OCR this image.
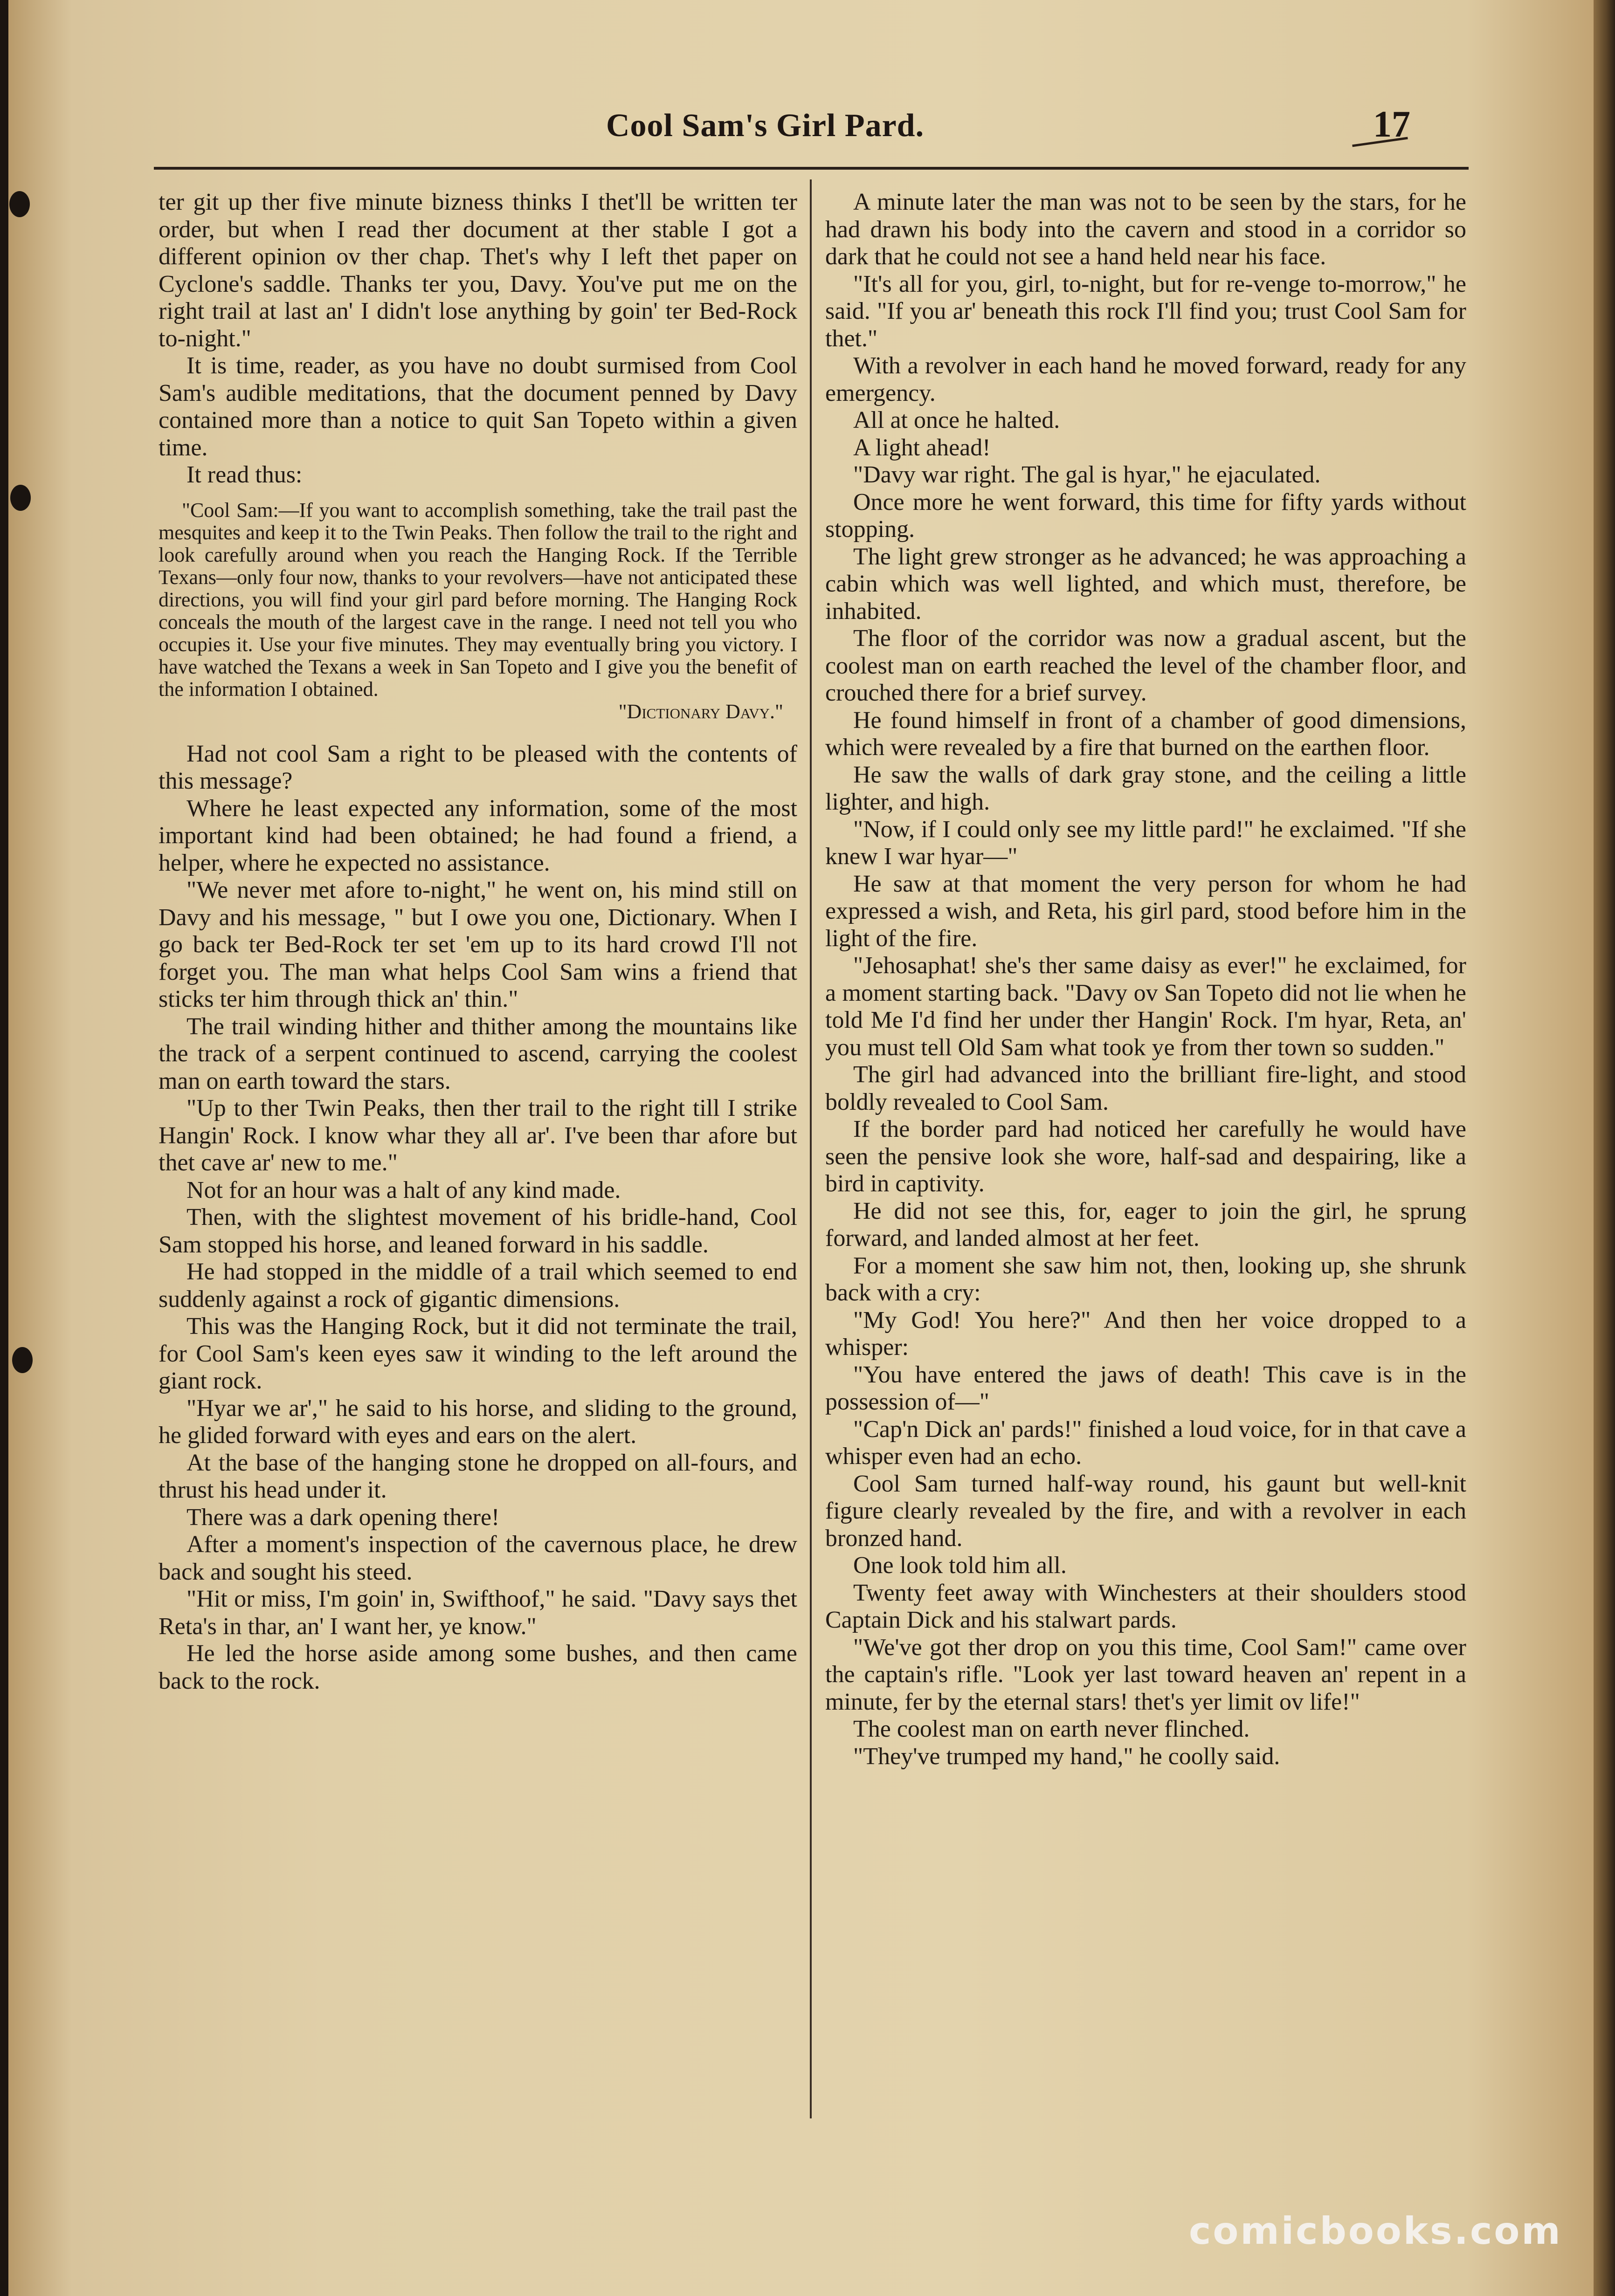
Cool Sam's Girl Pard.	17

ter git up ther five minute bizness thinks I thet'll be written ter order, but when I read ther document at ther stable I got a different opinion ov ther chap. Thet's why I left thet paper on Cyclone's saddle. Thanks ter you, Davy. You've put me on the right trail at last an' I didn't lose anything by goin' ter Bed-Rock to-night."

It is time, reader, as you have no doubt surmised from Cool Sam's audible meditations, that the document penned by Davy contained more than a notice to quit San Topeto within a given time.

It read thus:

"Cool Sam:—If you want to accomplish something, take the trail past the mesquites and keep it to the Twin Peaks. Then follow the trail to the right and look carefully around when you reach the Hanging Rock. If the Terrible Texans—only four now, thanks to your revolvers—have not anticipated these directions, you will find your girl pard before morning. The Hanging Rock conceals the mouth of the largest cave in the range. I need not tell you who occupies it. Use your five minutes. They may eventually bring you victory. I have watched the Texans a week in San Topeto and I give you the benefit of the information I obtained.

"Dictionary Davy."

Had not cool Sam a right to be pleased with the contents of this message?

Where he least expected any information, some of the most important kind had been obtained; he had found a friend, a helper, where he expected no assistance.

"We never met afore to-night," he went on, his mind still on Davy and his message, " but I owe you one, Dictionary. When I go back ter Bed-Rock ter set 'em up to its hard crowd I'll not forget you. The man what helps Cool Sam wins a friend that sticks ter him through thick an' thin."

The trail winding hither and thither among the mountains like the track of a serpent continued to ascend, carrying the coolest man on earth toward the stars.

"Up to ther Twin Peaks, then ther trail to the right till I strike Hangin' Rock. I know whar they all ar'. I've been thar afore but thet cave ar' new to me."

Not for an hour was a halt of any kind made.

Then, with the slightest movement of his bridle-hand, Cool Sam stopped his horse, and leaned forward in his saddle.

He had stopped in the middle of a trail which seemed to end suddenly against a rock of gigantic dimensions.

This was the Hanging Rock, but it did not terminate the trail, for Cool Sam's keen eyes saw it winding to the left around the giant rock.

"Hyar we ar'," he said to his horse, and sliding to the ground, he glided forward with eyes and ears on the alert.

At the base of the hanging stone he dropped on all-fours, and thrust his head under it.

There was a dark opening there!

After a moment's inspection of the cavernous place, he drew back and sought his steed.

"Hit or miss, I'm goin' in, Swifthoof," he said. "Davy says thet Reta's in thar, an' I want her, ye know."

He led the horse aside among some bushes, and then came back to the rock.

A minute later the man was not to be seen by the stars, for he had drawn his body into the cavern and stood in a corridor so dark that he could not see a hand held near his face.

"It's all for you, girl, to-night, but for re-venge to-morrow," he said. "If you ar' beneath this rock I'll find you; trust Cool Sam for thet."

With a revolver in each hand he moved forward, ready for any emergency.

All at once he halted.

A light ahead!

"Davy war right. The gal is hyar," he ejaculated.

Once more he went forward, this time for fifty yards without stopping.

The light grew stronger as he advanced; he was approaching a cabin which was well lighted, and which must, therefore, be inhabited.

The floor of the corridor was now a gradual ascent, but the coolest man on earth reached the level of the chamber floor, and crouched there for a brief survey.

He found himself in front of a chamber of good dimensions, which were revealed by a fire that burned on the earthen floor.

He saw the walls of dark gray stone, and the ceiling a little lighter, and high.

"Now, if I could only see my little pard!" he exclaimed. "If she knew I war hyar—"

He saw at that moment the very person for whom he had expressed a wish, and Reta, his girl pard, stood before him in the light of the fire.

"Jehosaphat! she's ther same daisy as ever!" he exclaimed, for a moment starting back. "Davy ov San Topeto did not lie when he told Me I'd find her under ther Hangin' Rock. I'm hyar, Reta, an' you must tell Old Sam what took ye from ther town so sudden."

The girl had advanced into the brilliant fire-light, and stood boldly revealed to Cool Sam.

If the border pard had noticed her carefully he would have seen the pensive look she wore, half-sad and despairing, like a bird in captivity.

He did not see this, for, eager to join the girl, he sprung forward, and landed almost at her feet.

For a moment she saw him not, then, looking up, she shrunk back with a cry:

"My God! You here?" And then her voice dropped to a whisper:

"You have entered the jaws of death! This cave is in the possession of—"

"Cap'n Dick an' pards!" finished a loud voice, for in that cave a whisper even had an echo.

Cool Sam turned half-way round, his gaunt but well-knit figure clearly revealed by the fire, and with a revolver in each bronzed hand.

One look told him all.

Twenty feet away with Winchesters at their shoulders stood Captain Dick and his stalwart pards.

"We've got ther drop on you this time, Cool Sam!" came over the captain's rifle. "Look yer last toward heaven an' repent in a minute, fer by the eternal stars! thet's yer limit ov life!"

The coolest man on earth never flinched.

"They've trumped my hand," he coolly said.

comicbooks.com
